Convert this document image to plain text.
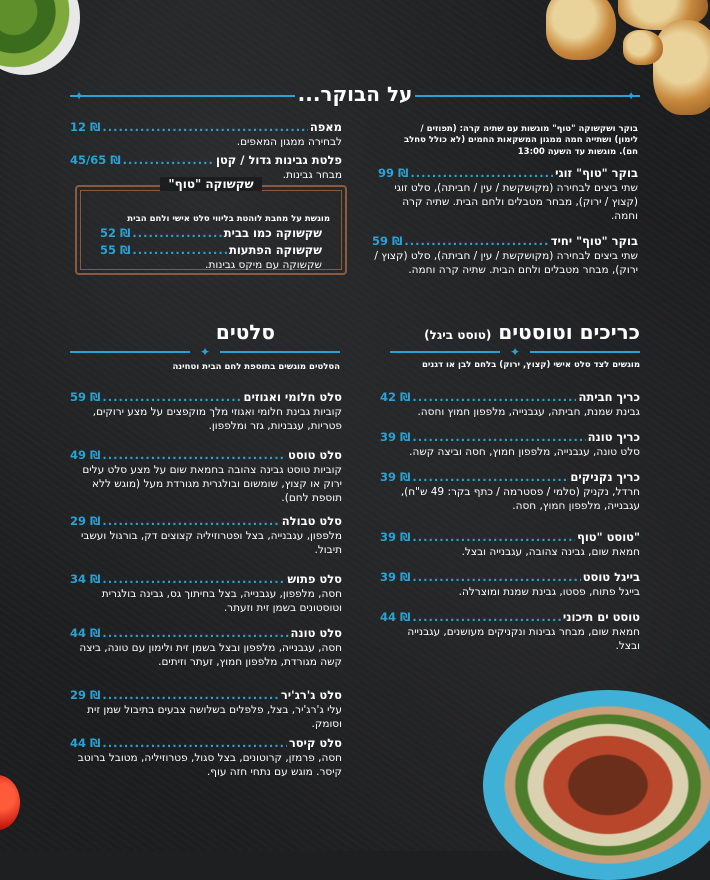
על הבוקר...
✦	✦
בוקר ושקשוקה "טוף" מוגשות עם שתיה קרה: (תפוזים / לימון) ושתייה חמה ממגון המשקאות החמים (לא כולל סחלב חם). מוגשות עד השעה 13:00
בוקר "טוף" זוגי
.....
99 ₪
שתי ביצים לבחירה (מקושקשת / עין / חביתה), סלט זוגי (קצוץ / ירוק), מבחר מטבלים ולחם הבית. שתיה קרה וחמה.
בוקר "טוף" יחיד
.....
59 ₪
שתי ביצים לבחירה (מקושקשת / עין / חביתה), סלט (קצוץ / ירוק), מבחר מטבלים ולחם הבית. שתיה קרה וחמה.
מאפה
.....
12 ₪
לבחירה ממגון המאפים.
פלטת גבינות גדול / קטן
.....
45/65 ₪
מבחר גבינות.
שקשוקה "טוף"
מוגשת על מחבת לוהטת בליווי סלט אישי ולחם הבית
שקשוקה כמו בבית
.....
52 ₪
שקשוקה הפתעות
.....
55 ₪
שקשוקה עם מיקס גבינות.
כריכים וטוסטים (טוסט ביגל)
✦
מוגשים לצד סלט אישי (קצוץ, ירוק) בלחם לבן או דגנים
כריך חביתה
.....
42 ₪
גבינת שמנת, חביתה, עגבנייה, מלפפון חמוץ וחסה.
כריך טונה
.....
39 ₪
סלט טונה, עגבנייה, מלפפון חמוץ, חסה וביצה קשה.
כריך נקניקים
.....
39 ₪
חרדל, נקניק (סלמי / פסטרמה / כתף בקר: 49 ש"ח), עגבנייה, מלפפון חמוץ, חסה.
טוסט "טוף"
.....
39 ₪
חמאת שום, גבינה צהובה, עגבנייה ובצל.
בייגל טוסט
.....
39 ₪
בייגל פתוח, פסטו, גבינת שמנת ומוצרלה.
טוסט ים תיכוני
.....
44 ₪
חמאת שום, מבחר גבינות ונקניקים מעושנים, עגבנייה ובצל.
סלטים
✦
הסלטים מוגשים בתוספת לחם הבית וטחינה
סלט חלומי ואגוזים
.....
59 ₪
קוביות גבינת חלומי ואגוזי מלך מוקפצים על מצע ירוקים, פטריות, עגבניות, גזר ומלפפון.
סלט טוסט
.....
49 ₪
קוביות טוסט גבינה צהובה בחמאת שום על מצע סלט עלים ירוק או קצוץ, שומשום ובולגרית מגורדת מעל (מוגש ללא תוספת לחם).
סלט טבולה
.....
29 ₪
מלפפון, עגבנייה, בצל ופטרוזיליה קצוצים דק, בורגול ועשבי תיבול.
סלט פתוש
.....
34 ₪
חסה, מלפפון, עגבנייה, בצל בחיתוך גס, גבינה בולגרית וטוסטונים בשמן זית וזעתר.
סלט טונה
.....
44 ₪
חסה, עגבנייה, מלפפון ובצל בשמן זית ולימון עם טונה, ביצה קשה מגורדת, מלפפון חמוץ, זעתר וזיתים.
סלט ג'רג'יר
.....
29 ₪
עלי ג'רג'יר, בצל, פלפלים בשלושה צבעים בתיבול שמן זית וסומק.
סלט קיסר
.....
44 ₪
חסה, פרמזן, קרוטונים, בצל סגול, פטרוזיליה, מטובל ברוטב קיסר. מוגש עם נתחי חזה עוף.
